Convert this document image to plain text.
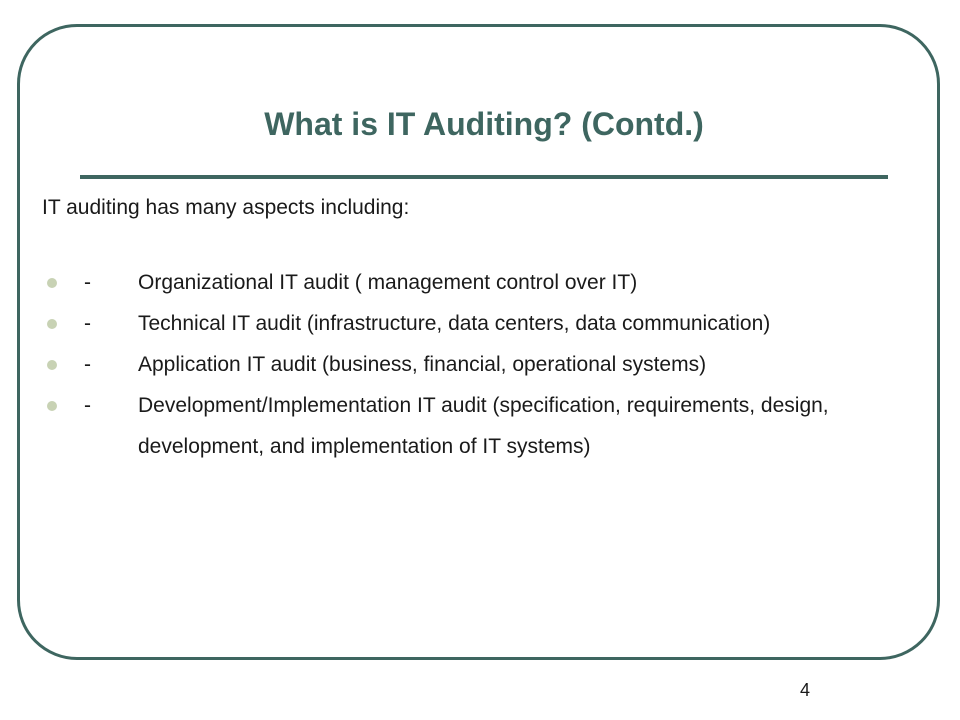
What is IT Auditing? (Contd.)

IT auditing has many aspects including:

-	Organizational IT audit ( management control over IT)
-	Technical IT audit (infrastructure, data centers, data communication)
-	Application IT audit (business, financial, operational systems)
-	Development/Implementation IT audit (specification, requirements, design, development, and implementation of IT systems)
4
